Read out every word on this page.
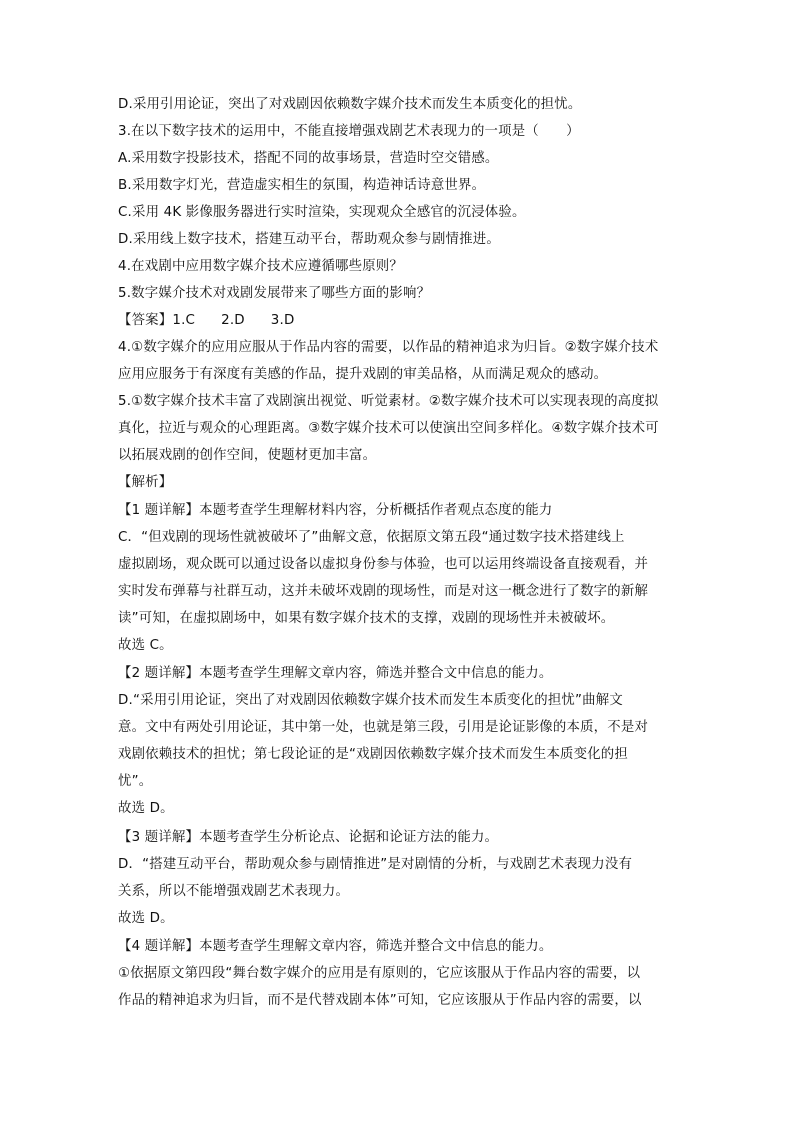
D.采用引用论证，突出了对戏剧因依赖数字媒介技术而发生本质变化的担忧。
3.在以下数字技术的运用中，不能直接增强戏剧艺术表现力的一项是（　　）
A.采用数字投影技术，搭配不同的故事场景，营造时空交错感。
B.采用数字灯光，营造虚实相生的氛围，构造神话诗意世界。
C.采用 4K 影像服务器进行实时渲染，实现观众全感官的沉浸体验。
D.采用线上数字技术，搭建互动平台，帮助观众参与剧情推进。
4.在戏剧中应用数字媒介技术应遵循哪些原则？
5.数字媒介技术对戏剧发展带来了哪些方面的影响？
【答案】1.C 2.D 3.D
4.①数字媒介的应用应服从于作品内容的需要，以作品的精神追求为归旨。②数字媒介技术
应用应服务于有深度有美感的作品，提升戏剧的审美品格，从而满足观众的感动。
5.①数字媒介技术丰富了戏剧演出视觉、听觉素材。②数字媒介技术可以实现表现的高度拟
真化，拉近与观众的心理距离。③数字媒介技术可以使演出空间多样化。④数字媒介技术可
以拓展戏剧的创作空间，使题材更加丰富。
【解析】
【1 题详解】本题考查学生理解材料内容，分析概括作者观点态度的能力
C．“但戏剧的现场性就被破坏了”曲解文意，依据原文第五段“通过数字技术搭建线上
虚拟剧场，观众既可以通过设备以虚拟身份参与体验，也可以运用终端设备直接观看，并
实时发布弹幕与社群互动，这并未破坏戏剧的现场性，而是对这一概念进行了数字的新解
读”可知，在虚拟剧场中，如果有数字媒介技术的支撑，戏剧的现场性并未被破坏。
故选 C。
【2 题详解】本题考查学生理解文章内容，筛选并整合文中信息的能力。
D.“采用引用论证，突出了对戏剧因依赖数字媒介技术而发生本质变化的担忧”曲解文
意。文中有两处引用论证，其中第一处，也就是第三段，引用是论证影像的本质，不是对
戏剧依赖技术的担忧；第七段论证的是“戏剧因依赖数字媒介技术而发生本质变化的担
忧”。
故选 D。
【3 题详解】本题考查学生分析论点、论据和论证方法的能力。
D．“搭建互动平台，帮助观众参与剧情推进”是对剧情的分析，与戏剧艺术表现力没有
关系，所以不能增强戏剧艺术表现力。
故选 D。
【4 题详解】本题考查学生理解文章内容，筛选并整合文中信息的能力。
①依据原文第四段“舞台数字媒介的应用是有原则的，它应该服从于作品内容的需要，以
作品的精神追求为归旨，而不是代替戏剧本体”可知，它应该服从于作品内容的需要，以
